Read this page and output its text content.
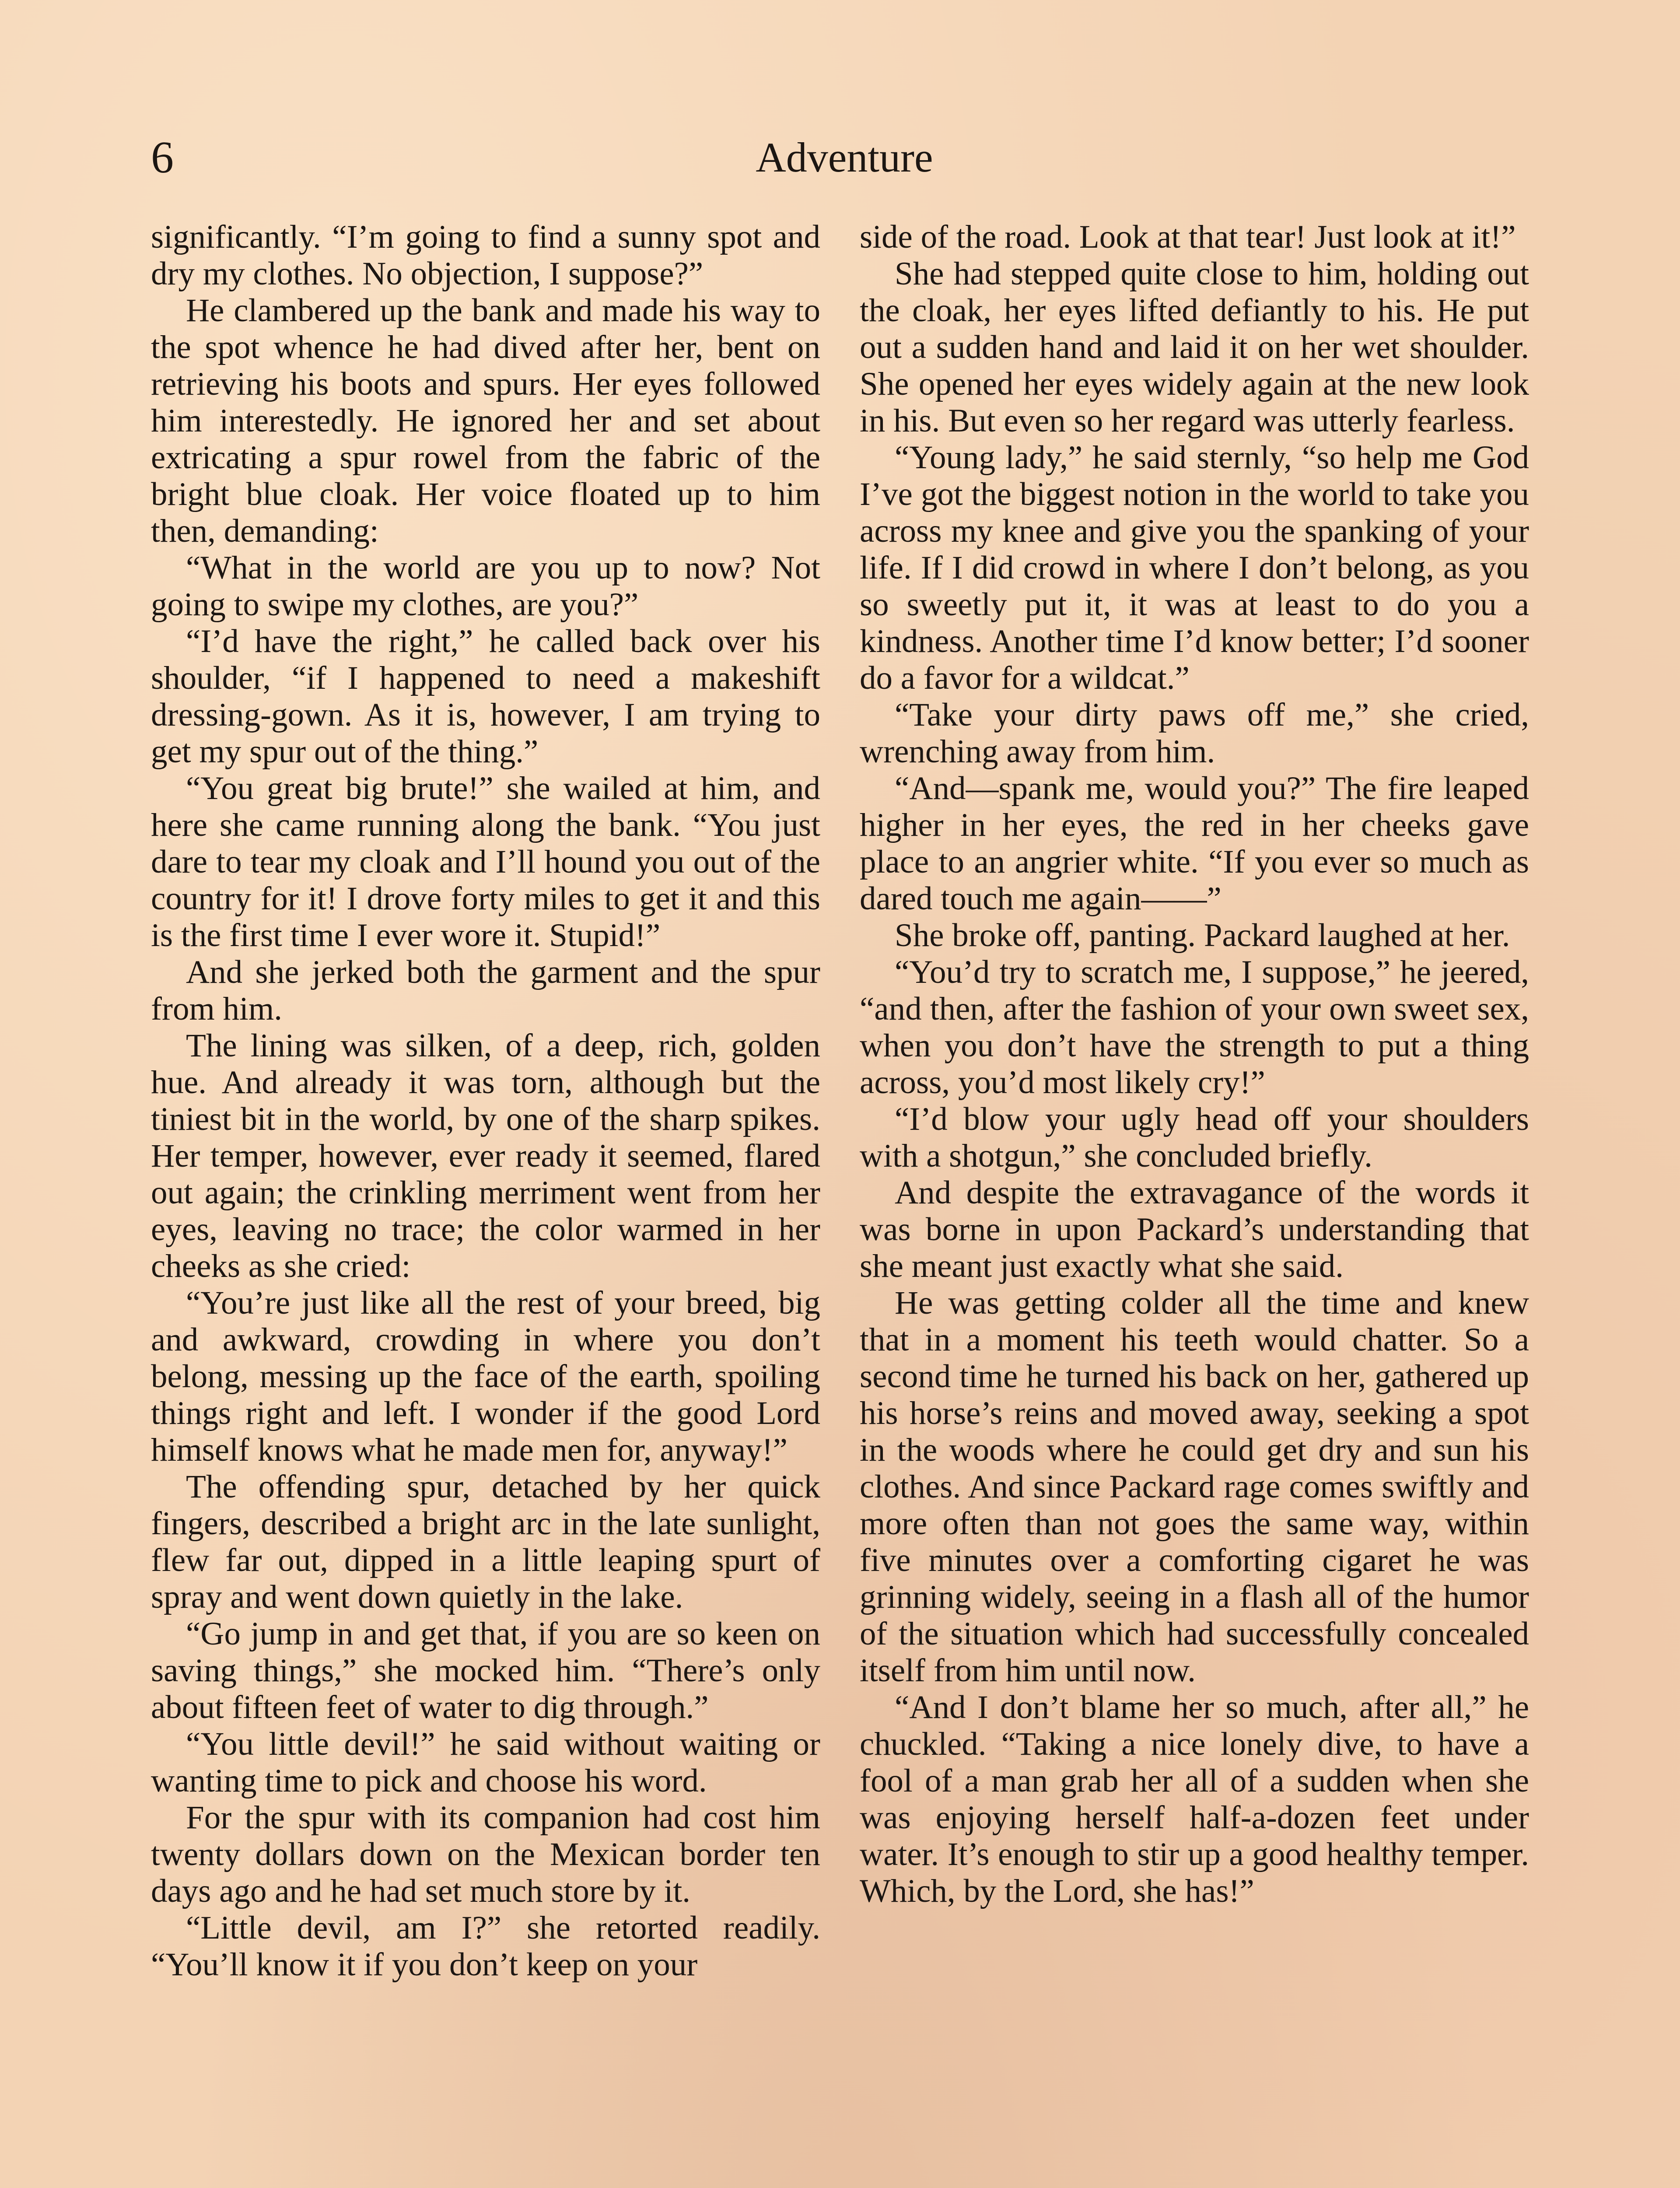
6	Adventure

significantly. “I’m going to find a sunny spot and dry my clothes. No objection, I suppose?”

He clambered up the bank and made his way to the spot whence he had dived after her, bent on retrieving his boots and spurs. Her eyes followed him interestedly. He ignored her and set about extricating a spur rowel from the fabric of the bright blue cloak. Her voice floated up to him then, demanding:

“What in the world are you up to now? Not going to swipe my clothes, are you?”

“I’d have the right,” he called back over his shoulder, “if I happened to need a makeshift dressing-gown. As it is, however, I am trying to get my spur out of the thing.”

“You great big brute!” she wailed at him, and here she came running along the bank. “You just dare to tear my cloak and I’ll hound you out of the country for it! I drove forty miles to get it and this is the first time I ever wore it. Stupid!”

And she jerked both the garment and the spur from him.

The lining was silken, of a deep, rich, golden hue. And already it was torn, although but the tiniest bit in the world, by one of the sharp spikes. Her temper, however, ever ready it seemed, flared out again; the crinkling merriment went from her eyes, leaving no trace; the color warmed in her cheeks as she cried:

“You’re just like all the rest of your breed, big and awkward, crowding in where you don’t belong, messing up the face of the earth, spoiling things right and left. I wonder if the good Lord himself knows what he made men for, anyway!”

The offending spur, detached by her quick fingers, described a bright arc in the late sunlight, flew far out, dipped in a little leaping spurt of spray and went down quietly in the lake.

“Go jump in and get that, if you are so keen on saving things,” she mocked him. “There’s only about fifteen feet of water to dig through.”

“You little devil!” he said without waiting or wanting time to pick and choose his word.

For the spur with its companion had cost him twenty dollars down on the Mexican border ten days ago and he had set much store by it.

“Little devil, am I?” she retorted readily. “You’ll know it if you don’t keep on your

side of the road. Look at that tear! Just look at it!”

She had stepped quite close to him, holding out the cloak, her eyes lifted defiantly to his. He put out a sudden hand and laid it on her wet shoulder. She opened her eyes widely again at the new look in his. But even so her regard was utterly fearless.

“Young lady,” he said sternly, “so help me God I’ve got the biggest notion in the world to take you across my knee and give you the spanking of your life. If I did crowd in where I don’t belong, as you so sweetly put it, it was at least to do you a kindness. Another time I’d know better; I’d sooner do a favor for a wildcat.”

“Take your dirty paws off me,” she cried, wrenching away from him.

“And—spank me, would you?” The fire leaped higher in her eyes, the red in her cheeks gave place to an angrier white. “If you ever so much as dared touch me again——”

She broke off, panting. Packard laughed at her.

“You’d try to scratch me, I suppose,” he jeered, “and then, after the fashion of your own sweet sex, when you don’t have the strength to put a thing across, you’d most likely cry!”

“I’d blow your ugly head off your shoulders with a shotgun,” she concluded briefly.

And despite the extravagance of the words it was borne in upon Packard’s understanding that she meant just exactly what she said.

He was getting colder all the time and knew that in a moment his teeth would chatter. So a second time he turned his back on her, gathered up his horse’s reins and moved away, seeking a spot in the woods where he could get dry and sun his clothes. And since Packard rage comes swiftly and more often than not goes the same way, within five minutes over a comforting cigaret he was grinning widely, seeing in a flash all of the humor of the situation which had successfully concealed itself from him until now.

“And I don’t blame her so much, after all,” he chuckled. “Taking a nice lonely dive, to have a fool of a man grab her all of a sudden when she was enjoying herself half-a-dozen feet under water. It’s enough to stir up a good healthy temper. Which, by the Lord, she has!”
